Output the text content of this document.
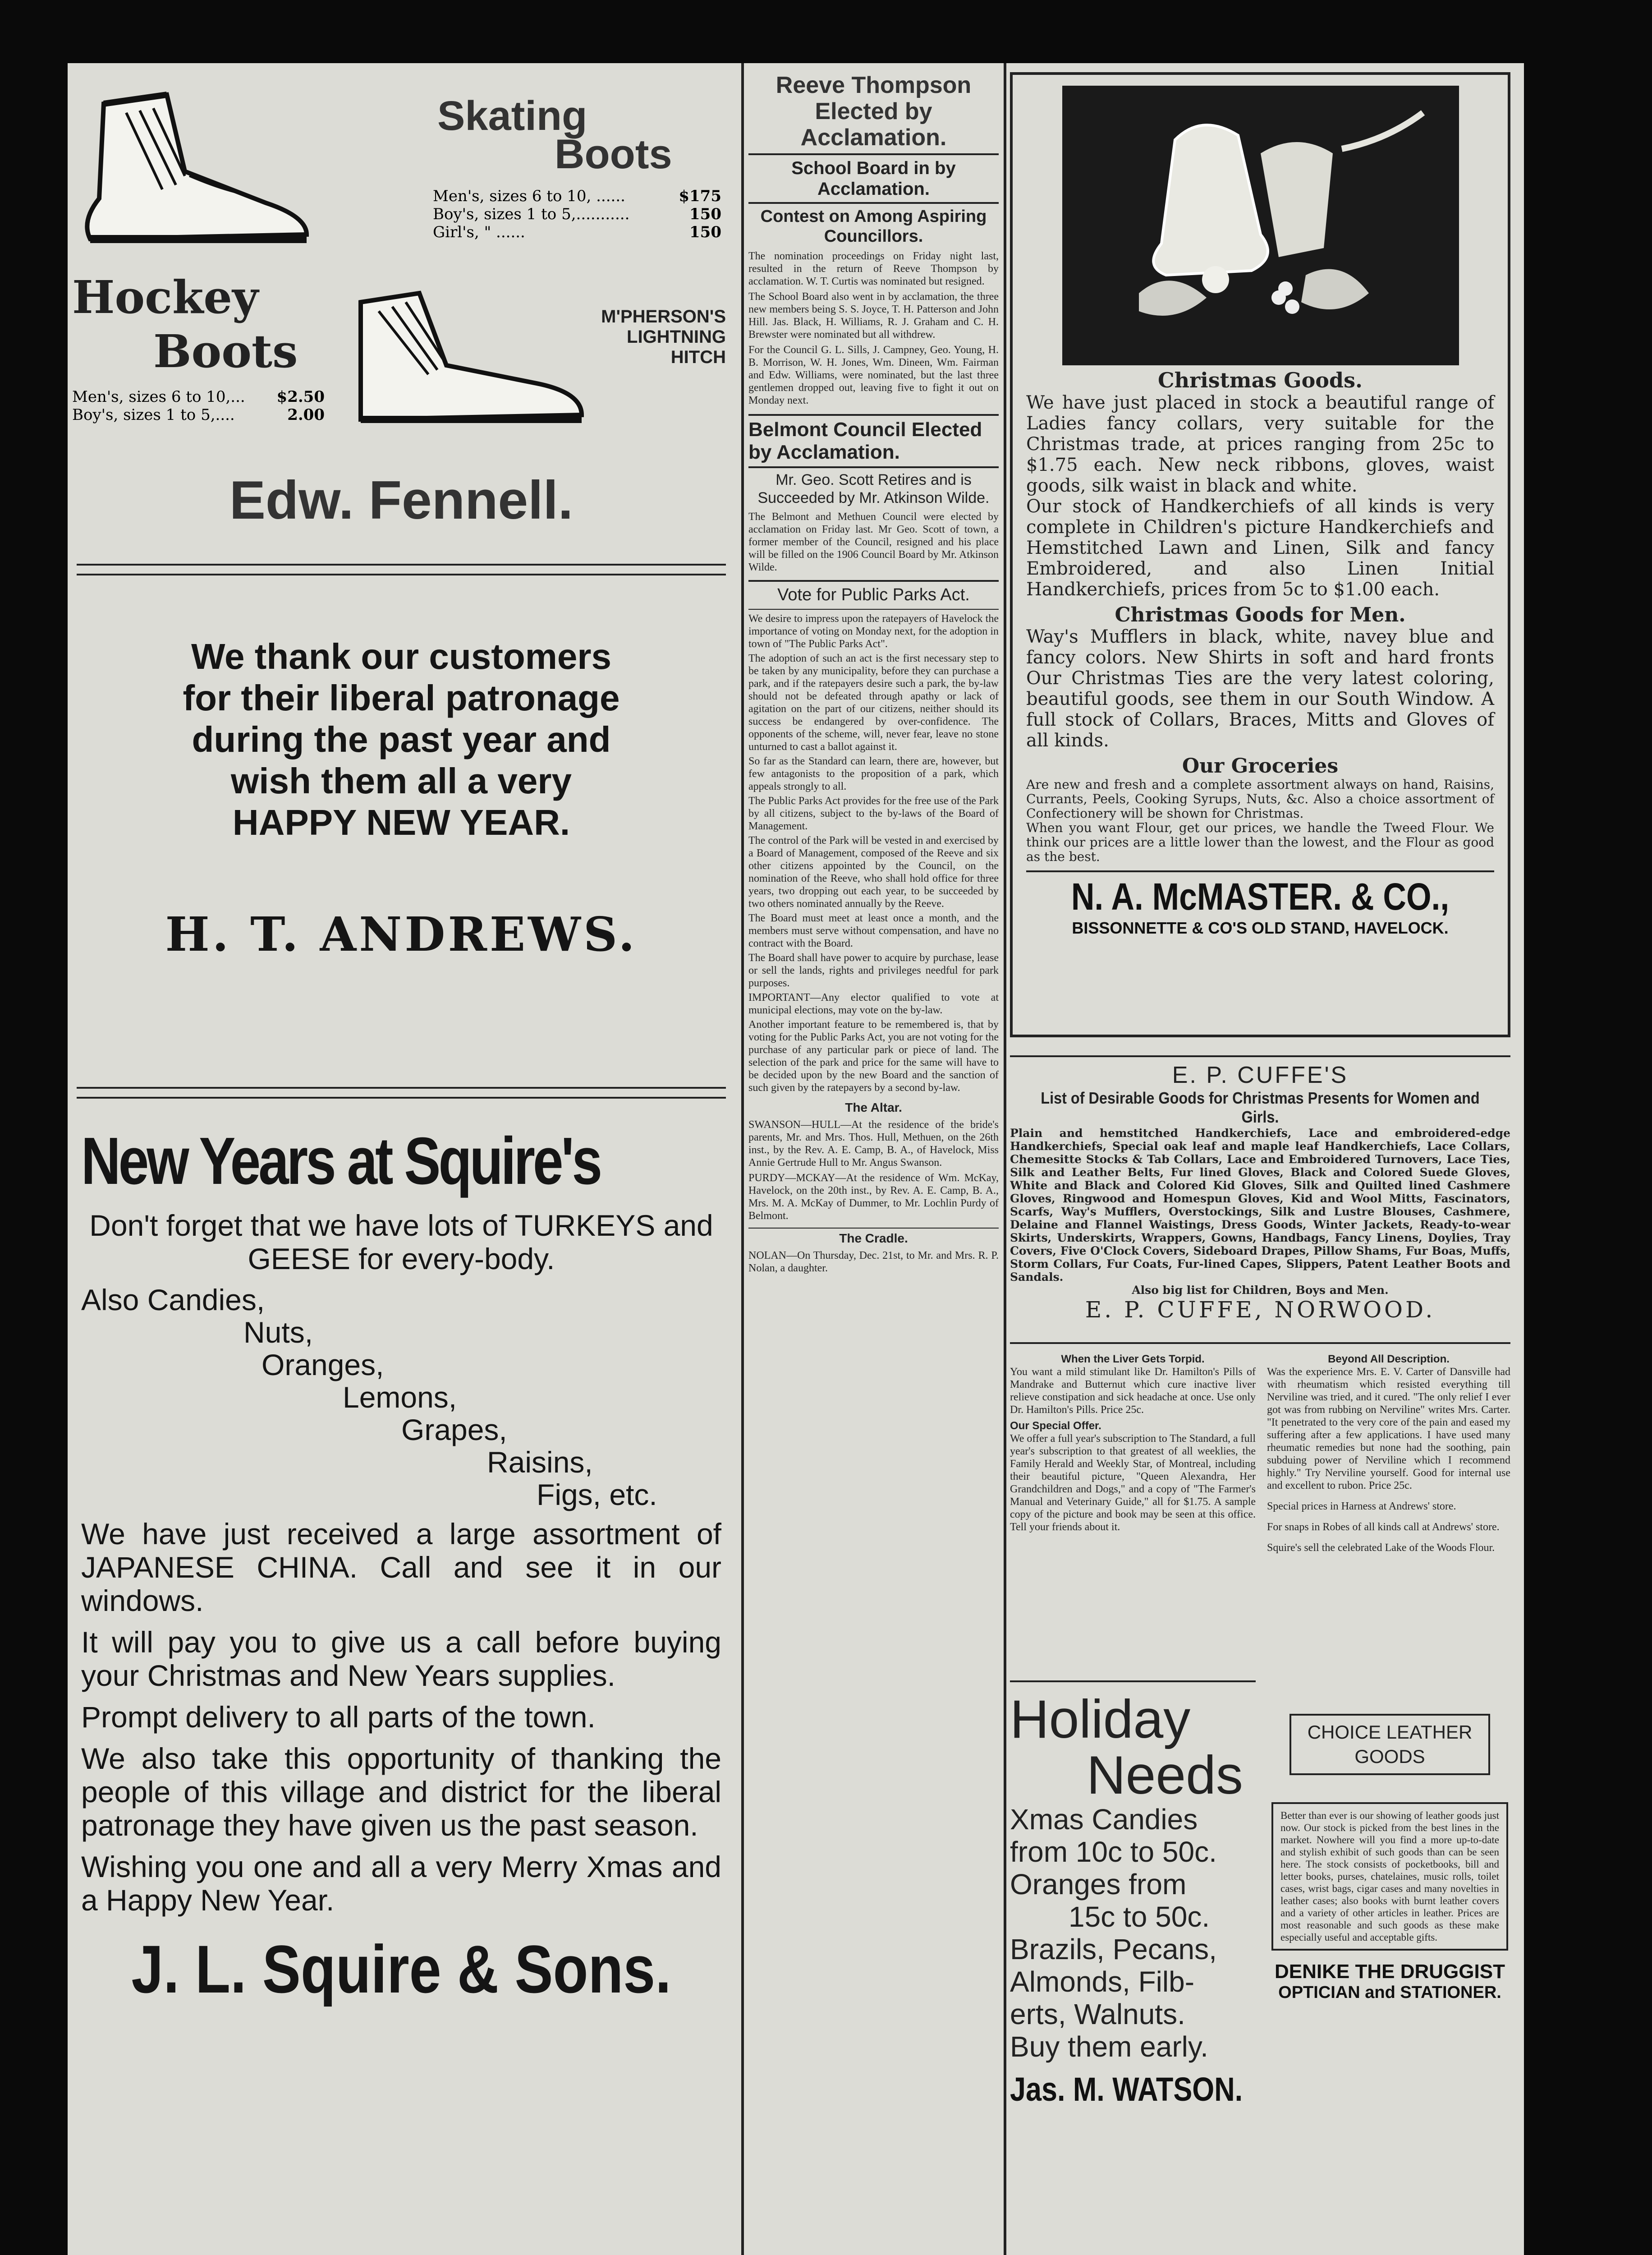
Skating
Boots
Men's, sizes 6 to 10, ......	$175
Boy's, sizes 1 to 5,...........	150
Girl's, " ......	150
Hockey
Boots
Men's, sizes 6 to 10,... $2.50
Boy's, sizes 1 to 5,....	2.00
M'PHERSON'S
LIGHTNING
HITCH
Edw. Fennell.
We thank our customers
for their liberal patronage
during the past year and
wish them all a very
HAPPY NEW YEAR.
H. T. ANDREWS.
New Years at Squire's
Don't forget that we have lots of TURKEYS and GEESE for every-body.
Also Candies,
Nuts,
Oranges,
Lemons,
Grapes,
Raisins,
Figs, etc.
We have just received a large assortment of JAPANESE CHINA. Call and see it in our windows.
It will pay you to give us a call before buying your Christmas and New Years supplies.
Prompt delivery to all parts of the town.
We also take this opportunity of thanking the people of this village and district for the liberal patronage they have given us the past season.
Wishing you one and all a very Merry Xmas and a Happy New Year.
J. L. Squire & Sons.
Reeve Thompson Elected by Acclamation.
School Board in by Acclamation.
Contest on Among Aspiring Councillors.
The nomination proceedings on Friday night last, resulted in the return of Reeve Thompson by acclamation. W. T. Curtis was nominated but resigned.
The School Board also went in by acclamation, the three new members being S. S. Joyce, T. H. Patterson and John Hill. Jas. Black, H. Williams, R. J. Graham and C. H. Brewster were nominated but all withdrew.
For the Council G. L. Sills, J. Campney, Geo. Young, H. B. Morrison, W. H. Jones, Wm. Dineen, Wm. Fairman and Edw. Williams, were nominated, but the last three gentlemen dropped out, leaving five to fight it out on Monday next.
Belmont Council Elected by Acclamation.
Mr. Geo. Scott Retires and is Succeeded by Mr. Atkinson Wilde.
The Belmont and Methuen Council were elected by acclamation on Friday last. Mr Geo. Scott of town, a former member of the Council, resigned and his place will be filled on the 1906 Council Board by Mr. Atkinson Wilde.
Vote for Public Parks Act.
We desire to impress upon the ratepayers of Havelock the importance of voting on Monday next, for the adoption in town of "The Public Parks Act".
The adoption of such an act is the first necessary step to be taken by any municipality, before they can purchase a park, and if the ratepayers desire such a park, the by-law should not be defeated through apathy or lack of agitation on the part of our citizens, neither should its success be endangered by over-confidence. The opponents of the scheme, will, never fear, leave no stone unturned to cast a ballot against it.
So far as the Standard can learn, there are, however, but few antagonists to the proposition of a park, which appeals strongly to all.
The Public Parks Act provides for the free use of the Park by all citizens, subject to the by-laws of the Board of Management.
The control of the Park will be vested in and exercised by a Board of Management, composed of the Reeve and six other citizens appointed by the Council, on the nomination of the Reeve, who shall hold office for three years, two dropping out each year, to be succeeded by two others nominated annually by the Reeve.
The Board must meet at least once a month, and the members must serve without compensation, and have no contract with the Board.
The Board shall have power to acquire by purchase, lease or sell the lands, rights and privileges needful for park purposes.
IMPORTANT—Any elector qualified to vote at municipal elections, may vote on the by-law.
Another important feature to be remembered is, that by voting for the Public Parks Act, you are not voting for the purchase of any particular park or piece of land. The selection of the park and price for the same will have to be decided upon by the new Board and the sanction of such given by the ratepayers by a second by-law.
The Altar.
SWANSON—HULL—At the residence of the bride's parents, Mr. and Mrs. Thos. Hull, Methuen, on the 26th inst., by the Rev. A. E. Camp, B. A., of Havelock, Miss Annie Gertrude Hull to Mr. Angus Swanson.
PURDY—MCKAY—At the residence of Wm. McKay, Havelock, on the 20th inst., by Rev. A. E. Camp, B. A., Mrs. M. A. McKay of Dummer, to Mr. Lochlin Purdy of Belmont.
The Cradle.
NOLAN—On Thursday, Dec. 21st, to Mr. and Mrs. R. P. Nolan, a daughter.
Christmas Goods.
We have just placed in stock a beautiful range of Ladies fancy collars, very suitable for the Christmas trade, at prices ranging from 25c to $1.75 each. New neck ribbons, gloves, waist goods, silk waist in black and white.
Our stock of Handkerchiefs of all kinds is very complete in Children's picture Handkerchiefs and Hemstitched Lawn and Linen, Silk and fancy Embroidered, and also Linen Initial Handkerchiefs, prices from 5c to $1.00 each.
Christmas Goods for Men.
Way's Mufflers in black, white, navey blue and fancy colors. New Shirts in soft and hard fronts Our Christmas Ties are the very latest coloring, beautiful goods, see them in our South Window. A full stock of Collars, Braces, Mitts and Gloves of all kinds.
Our Groceries
Are new and fresh and a complete assortment always on hand, Raisins, Currants, Peels, Cooking Syrups, Nuts, &c. Also a choice assortment of Confectionery will be shown for Christmas.
When you want Flour, get our prices, we handle the Tweed Flour. We think our prices are a little lower than the lowest, and the Flour as good as the best.
N. A. McMASTER. & CO.,
BISSONNETTE & CO'S OLD STAND, HAVELOCK.
E. P. CUFFE'S
List of Desirable Goods for Christmas Presents for Women and Girls.
Plain and hemstitched Handkerchiefs, Lace and embroidered-edge Handkerchiefs, Special oak leaf and maple leaf Handkerchiefs, Lace Collars, Chemesitte Stocks & Tab Collars, Lace and Embroidered Turnovers, Lace Ties, Silk and Leather Belts, Fur lined Gloves, Black and Colored Suede Gloves, White and Black and Colored Kid Gloves, Silk and Quilted lined Cashmere Gloves, Ringwood and Homespun Gloves, Kid and Wool Mitts, Fascinators, Scarfs, Way's Mufflers, Overstockings, Silk and Lustre Blouses, Cashmere, Delaine and Flannel Waistings, Dress Goods, Winter Jackets, Ready-to-wear Skirts, Underskirts, Wrappers, Gowns, Handbags, Fancy Linens, Doylies, Tray Covers, Five O'Clock Covers, Sideboard Drapes, Pillow Shams, Fur Boas, Muffs, Storm Collars, Fur Coats, Fur-lined Capes, Slippers, Patent Leather Boots and Sandals.
Also big list for Children, Boys and Men.
E. P. CUFFE, NORWOOD.
When the Liver Gets Torpid.
You want a mild stimulant like Dr. Hamilton's Pills of Mandrake and Butternut which cure inactive liver relieve constipation and sick headache at once. Use only Dr. Hamilton's Pills. Price 25c.
Our Special Offer.
We offer a full year's subscription to The Standard, a full year's subscription to that greatest of all weeklies, the Family Herald and Weekly Star, of Montreal, including their beautiful picture, "Queen Alexandra, Her Grandchildren and Dogs," and a copy of "The Farmer's Manual and Veterinary Guide," all for $1.75. A sample copy of the picture and book may be seen at this office. Tell your friends about it.
Beyond All Description.
Was the experience Mrs. E. V. Carter of Dansville had with rheumatism which resisted everything till Nerviline was tried, and it cured. "The only relief I ever got was from rubbing on Nerviline" writes Mrs. Carter. "It penetrated to the very core of the pain and eased my suffering after a few applications. I have used many rheumatic remedies but none had the soothing, pain subduing power of Nerviline which I recommend highly." Try Nerviline yourself. Good for internal use and excellent to rubon. Price 25c.
Special prices in Harness at Andrews' store.
For snaps in Robes of all kinds call at Andrews' store.
Squire's sell the celebrated Lake of the Woods Flour.
Holiday
Needs
Xmas Candies
from 10c to 50c.
Oranges from
15c to 50c.
Brazils, Pecans,
Almonds, Filb-
erts, Walnuts.
Buy them early.
Jas. M. WATSON.
CHOICE LEATHER GOODS
Better than ever is our showing of leather goods just now. Our stock is picked from the best lines in the market. Nowhere will you find a more up-to-date and stylish exhibit of such goods than can be seen here. The stock consists of pocketbooks, bill and letter books, purses, chatelaines, music rolls, toilet cases, wrist bags, cigar cases and many novelties in leather cases; also books with burnt leather covers and a variety of other articles in leather. Prices are most reasonable and such goods as these make especially useful and acceptable gifts.
DENIKE THE DRUGGIST
OPTICIAN and STATIONER.
